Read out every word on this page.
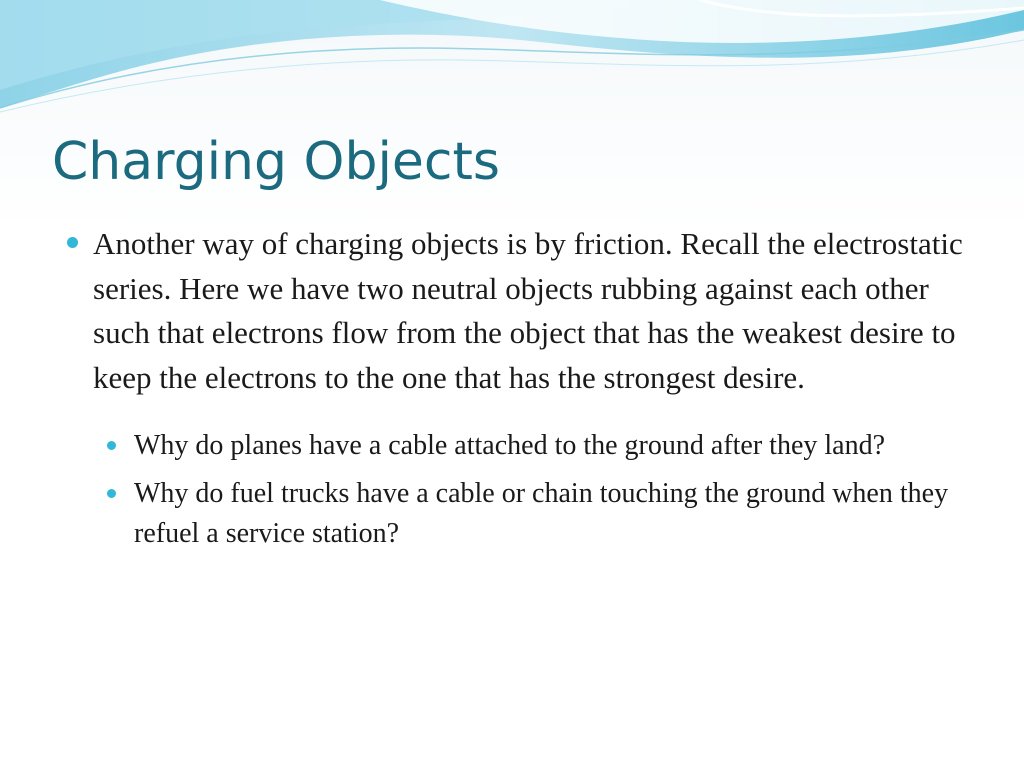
Charging Objects
Another way of charging objects is by friction. Recall the electrostatic series. Here we have two neutral objects rubbing against each other such that electrons flow from the object that has the weakest desire to keep the electrons to the one that has the strongest desire.
Why do planes have a cable attached to the ground after they land?
Why do fuel trucks have a cable or chain touching the ground when they refuel a service station?
